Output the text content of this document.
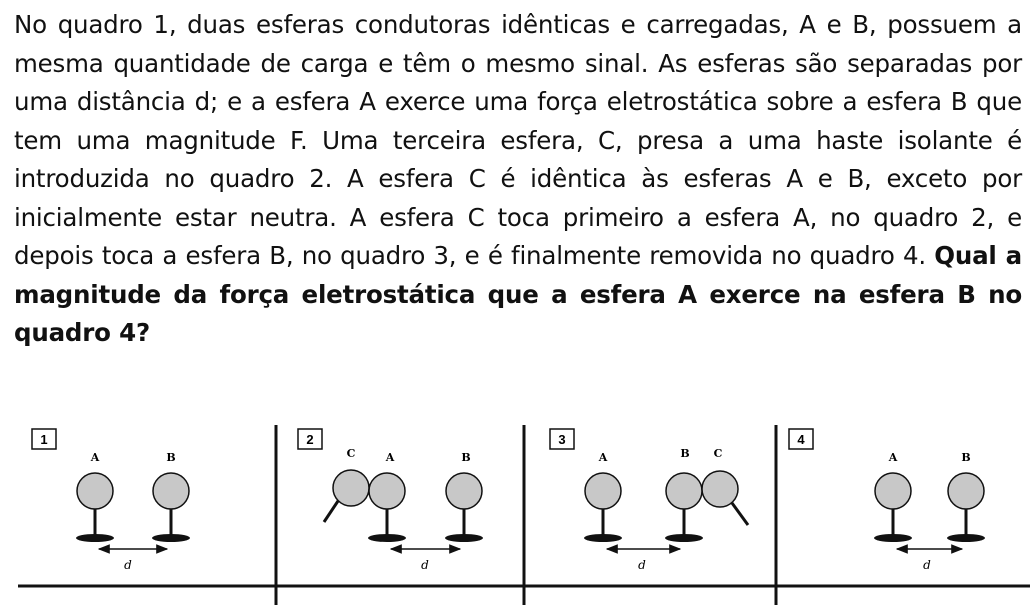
No quadro 1, duas esferas condutoras idênticas e carregadas, A e B, possuem a mesma quantidade de carga e têm o mesmo sinal. As esferas são separadas por uma distância d; e a esfera A exerce uma força eletrostática sobre a esfera B que tem uma magnitude F. Uma terceira esfera, C, presa a uma haste isolante é introduzida no quadro 2. A esfera C é idêntica às esferas A e B, exceto por inicialmente estar neutra. A esfera C toca primeiro a esfera A, no quadro 2, e depois toca a esfera B, no quadro 3, e é finalmente removida no quadro 4. Qual a magnitude da força eletrostática que a esfera A exerce na esfera B no quadro 4?
1
A	B
d
2
C	A	B
d
3
A	B C
d
4
A	B
d
